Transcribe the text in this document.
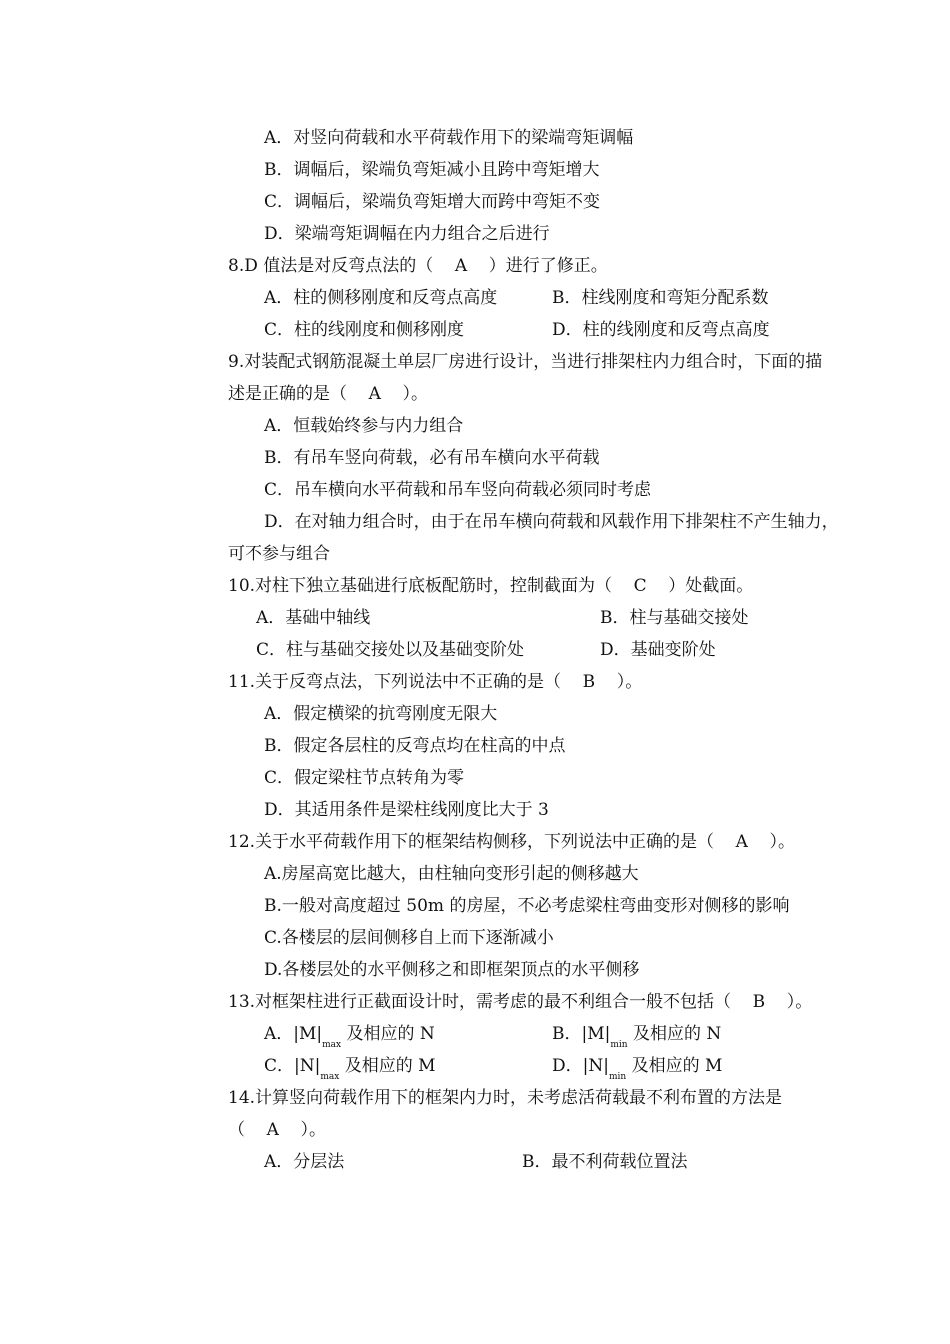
A．对竖向荷载和水平荷载作用下的梁端弯矩调幅
B．调幅后，梁端负弯矩减小且跨中弯矩增大
C．调幅后，梁端负弯矩增大而跨中弯矩不变
D．梁端弯矩调幅在内力组合之后进行
8.D 值法是对反弯点法的（    A    ）进行了修正。
A．柱的侧移刚度和反弯点高度	B．柱线刚度和弯矩分配系数
C．柱的线刚度和侧移刚度	D．柱的线刚度和反弯点高度
9.对装配式钢筋混凝土单层厂房进行设计，当进行排架柱内力组合时，下面的描
述是正确的是（    A    ）。
A．恒载始终参与内力组合
B．有吊车竖向荷载，必有吊车横向水平荷载
C．吊车横向水平荷载和吊车竖向荷载必须同时考虑
D．在对轴力组合时，由于在吊车横向荷载和风载作用下排架柱不产生轴力，
可不参与组合
10.对柱下独立基础进行底板配筋时，控制截面为（    C    ）处截面。
A．基础中轴线	B．柱与基础交接处
C．柱与基础交接处以及基础变阶处	D．基础变阶处
11.关于反弯点法，下列说法中不正确的是（    B    ）。
A．假定横梁的抗弯刚度无限大
B．假定各层柱的反弯点均在柱高的中点
C．假定梁柱节点转角为零
D．其适用条件是梁柱线刚度比大于 3
12.关于水平荷载作用下的框架结构侧移，下列说法中正确的是（    A    ）。
A.房屋高宽比越大，由柱轴向变形引起的侧移越大
B.一般对高度超过 50m 的房屋，不必考虑梁柱弯曲变形对侧移的影响
C.各楼层的层间侧移自上而下逐渐减小
D.各楼层处的水平侧移之和即框架顶点的水平侧移
13.对框架柱进行正截面设计时，需考虑的最不利组合一般不包括（    B    ）。
A．$|M|_{max}$ 及相应的 N	B．$|M|_{min}$ 及相应的 N
C．$|N|_{max}$ 及相应的 M	D．$|N|_{min}$ 及相应的 M
14.计算竖向荷载作用下的框架内力时，未考虑活荷载最不利布置的方法是
（    A    ）。
A．分层法	B．最不利荷载位置法
